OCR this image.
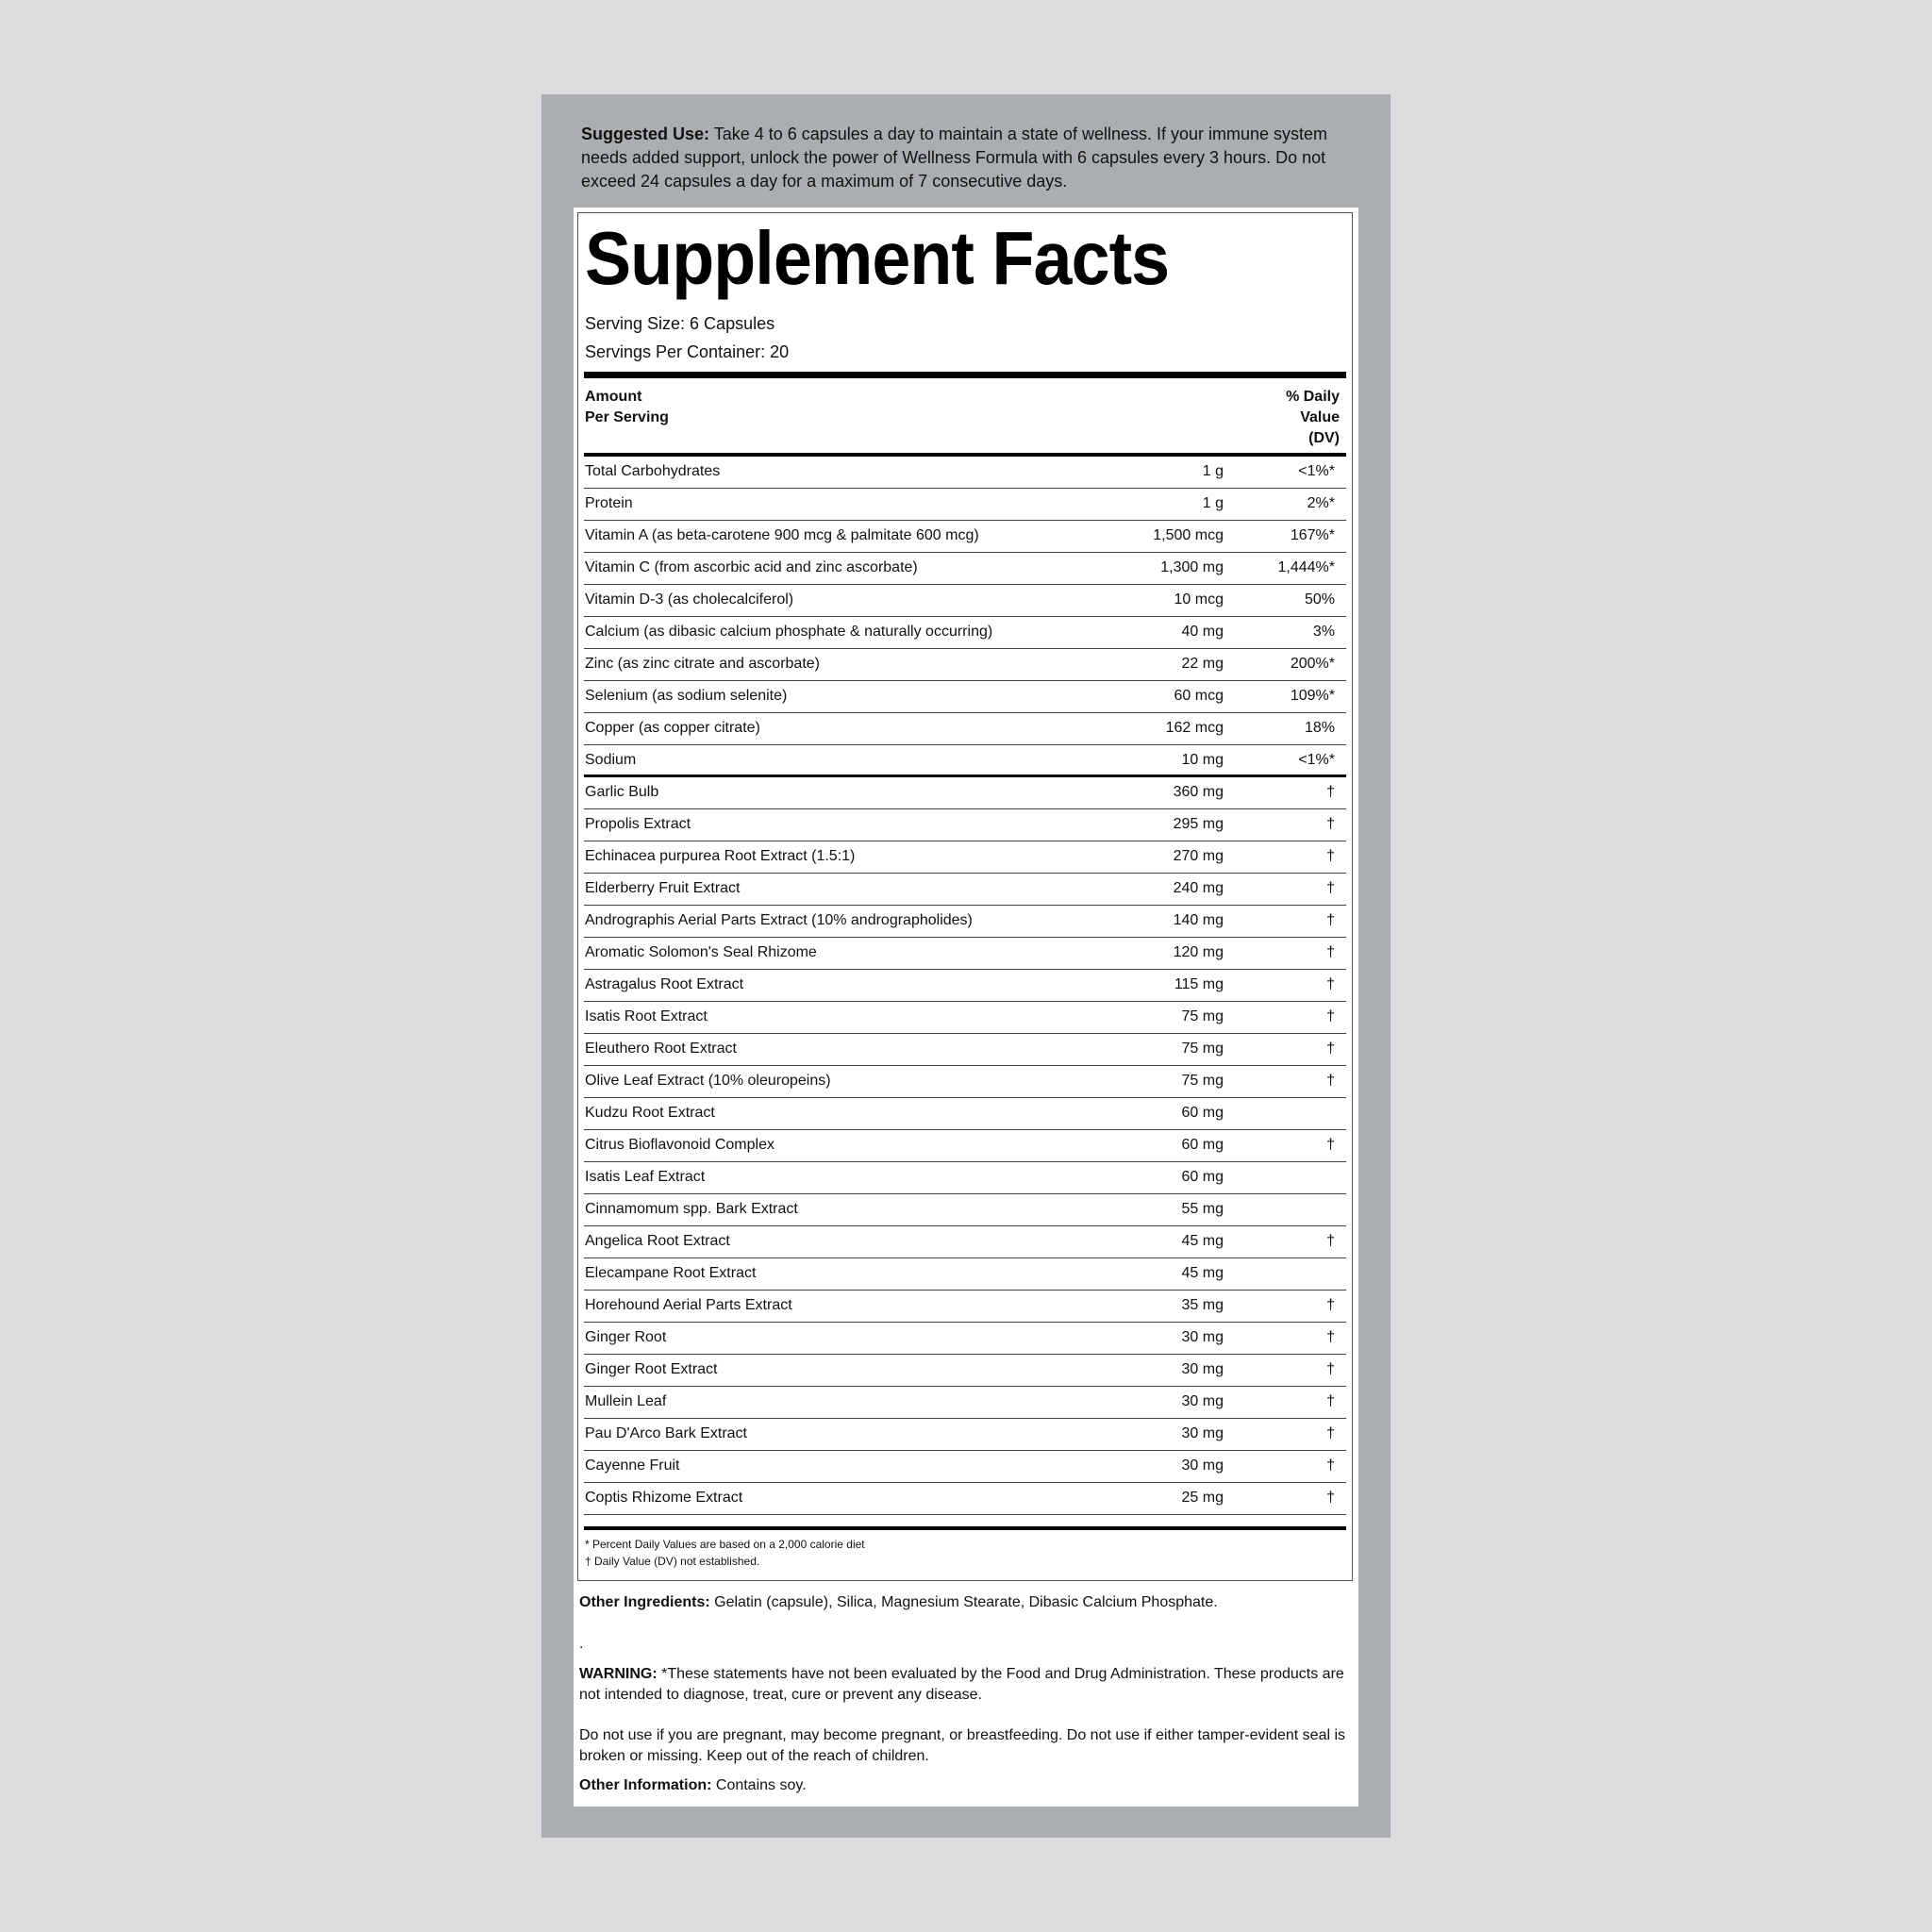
Suggested Use: Take 4 to 6 capsules a day to maintain a state of wellness. If your immune system needs added support, unlock the power of Wellness Formula with 6 capsules every 3 hours. Do not exceed 24 capsules a day for a maximum of 7 consecutive days.
Supplement Facts
Serving Size: 6 Capsules
Servings Per Container: 20
Amount
Per Serving
% Daily
Value
(DV)
Total Carbohydrates	1 g	<1%*
Protein	1 g	2%*
Vitamin A (as beta-carotene 900 mcg & palmitate 600 mcg)	1,500 mcg	167%*
Vitamin C (from ascorbic acid and zinc ascorbate)	1,300 mg	1,444%*
Vitamin D-3 (as cholecalciferol)	10 mcg	50%
Calcium (as dibasic calcium phosphate & naturally occurring)	40 mg	3%
Zinc (as zinc citrate and ascorbate)	22 mg	200%*
Selenium (as sodium selenite)	60 mcg	109%*
Copper (as copper citrate)	162 mcg	18%
Sodium	10 mg	<1%*
Garlic Bulb	360 mg	†
Propolis Extract	295 mg	†
Echinacea purpurea Root Extract (1.5:1)	270 mg	†
Elderberry Fruit Extract	240 mg	†
Andrographis Aerial Parts Extract (10% andrographolides)	140 mg	†
Aromatic Solomon's Seal Rhizome	120 mg	†
Astragalus Root Extract	115 mg	†
Isatis Root Extract	75 mg	†
Eleuthero Root Extract	75 mg	†
Olive Leaf Extract (10% oleuropeins)	75 mg	†
Kudzu Root Extract	60 mg
Citrus Bioflavonoid Complex	60 mg	†
Isatis Leaf Extract	60 mg
Cinnamomum spp. Bark Extract	55 mg
Angelica Root Extract	45 mg	†
Elecampane Root Extract	45 mg
Horehound Aerial Parts Extract	35 mg	†
Ginger Root	30 mg	†
Ginger Root Extract	30 mg	†
Mullein Leaf	30 mg	†
Pau D'Arco Bark Extract	30 mg	†
Cayenne Fruit	30 mg	†
Coptis Rhizome Extract	25 mg	†
* Percent Daily Values are based on a 2,000 calorie diet
† Daily Value (DV) not established.
Other Ingredients: Gelatin (capsule), Silica, Magnesium Stearate, Dibasic Calcium Phosphate.
.
WARNING: *These statements have not been evaluated by the Food and Drug Administration. These products are not intended to diagnose, treat, cure or prevent any disease.
Do not use if you are pregnant, may become pregnant, or breastfeeding. Do not use if either tamper-evident seal is broken or missing. Keep out of the reach of children.
Other Information: Contains soy.
